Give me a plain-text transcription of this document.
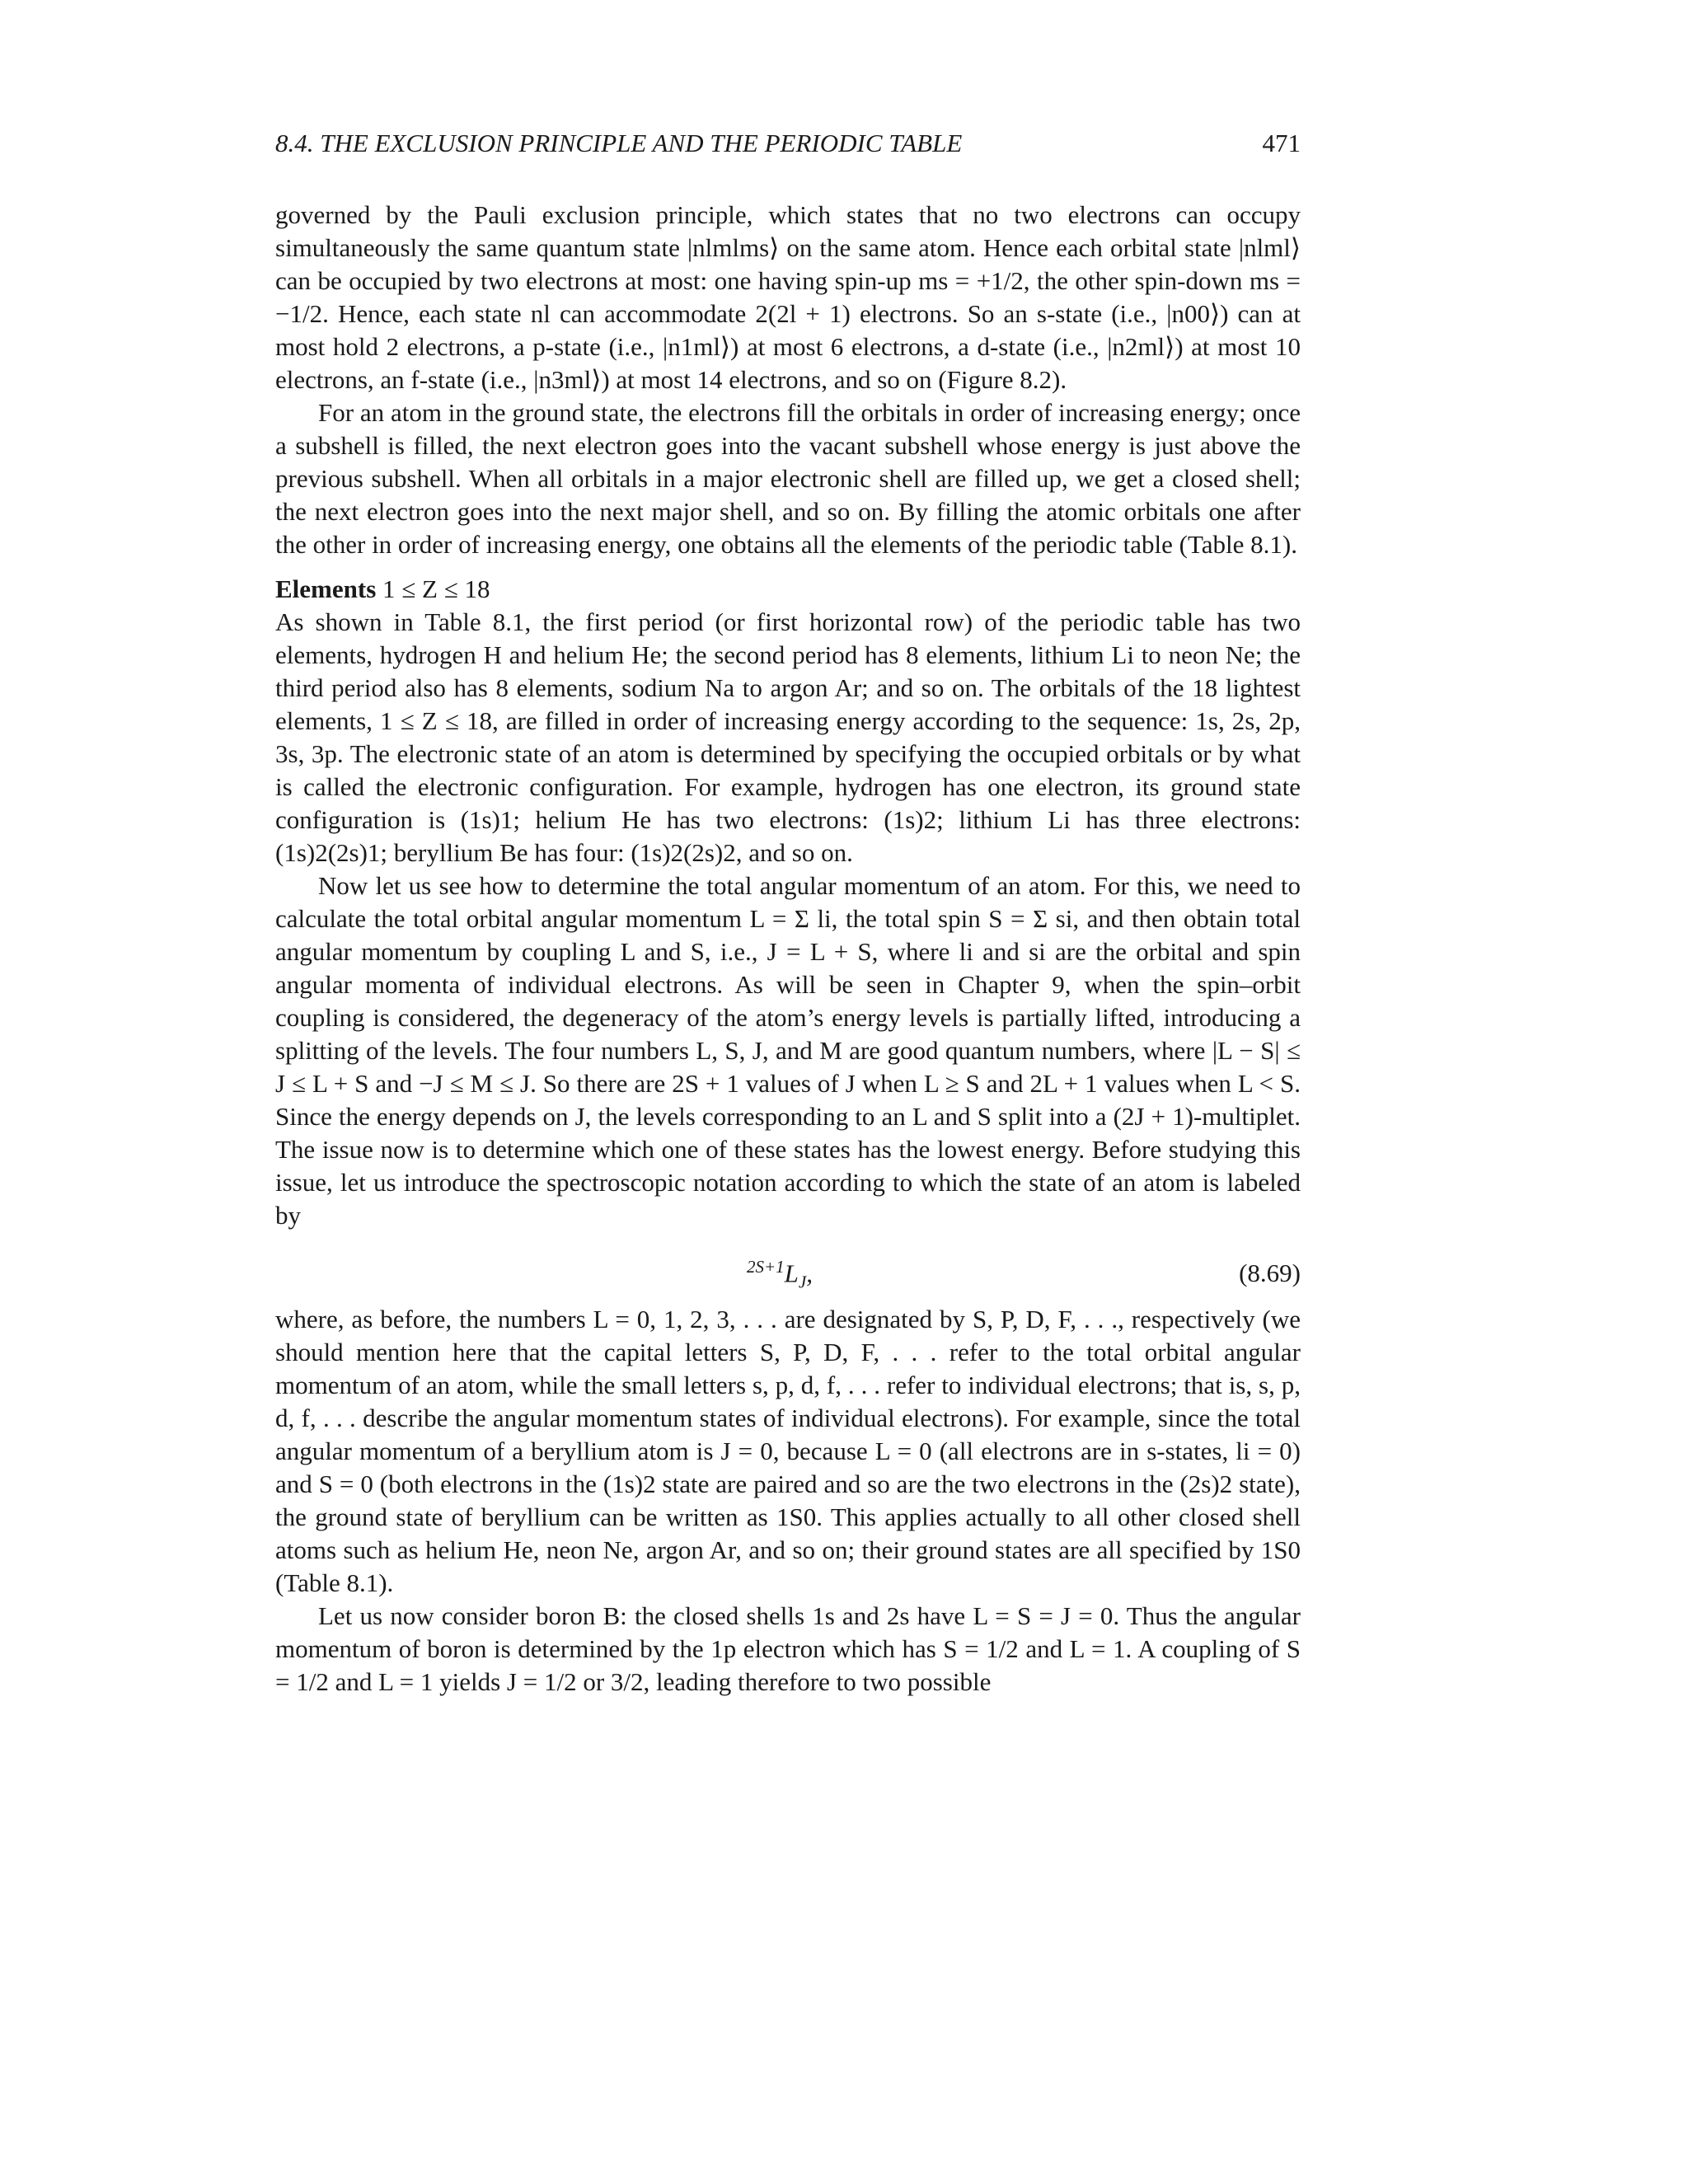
8.4. THE EXCLUSION PRINCIPLE AND THE PERIODIC TABLE	471

governed by the Pauli exclusion principle, which states that no two electrons can occupy simultaneously the same quantum state |nlmlms⟩ on the same atom. Hence each orbital state |nlml⟩ can be occupied by two electrons at most: one having spin-up ms = +1/2, the other spin-down ms = −1/2. Hence, each state nl can accommodate 2(2l + 1) electrons. So an s-state (i.e., |n00⟩) can at most hold 2 electrons, a p-state (i.e., |n1ml⟩) at most 6 electrons, a d-state (i.e., |n2ml⟩) at most 10 electrons, an f-state (i.e., |n3ml⟩) at most 14 electrons, and so on (Figure 8.2).

For an atom in the ground state, the electrons fill the orbitals in order of increasing energy; once a subshell is filled, the next electron goes into the vacant subshell whose energy is just above the previous subshell. When all orbitals in a major electronic shell are filled up, we get a closed shell; the next electron goes into the next major shell, and so on. By filling the atomic orbitals one after the other in order of increasing energy, one obtains all the elements of the periodic table (Table 8.1).

Elements 1 ≤ Z ≤ 18

As shown in Table 8.1, the first period (or first horizontal row) of the periodic table has two elements, hydrogen H and helium He; the second period has 8 elements, lithium Li to neon Ne; the third period also has 8 elements, sodium Na to argon Ar; and so on. The orbitals of the 18 lightest elements, 1 ≤ Z ≤ 18, are filled in order of increasing energy according to the sequence: 1s, 2s, 2p, 3s, 3p. The electronic state of an atom is determined by specifying the occupied orbitals or by what is called the electronic configuration. For example, hydrogen has one electron, its ground state configuration is (1s)1; helium He has two electrons: (1s)2; lithium Li has three electrons: (1s)2(2s)1; beryllium Be has four: (1s)2(2s)2, and so on.

Now let us see how to determine the total angular momentum of an atom. For this, we need to calculate the total orbital angular momentum L = Σ li, the total spin S = Σ si, and then obtain total angular momentum by coupling L and S, i.e., J = L + S, where li and si are the orbital and spin angular momenta of individual electrons. As will be seen in Chapter 9, when the spin–orbit coupling is considered, the degeneracy of the atom’s energy levels is partially lifted, introducing a splitting of the levels. The four numbers L, S, J, and M are good quantum numbers, where |L − S| ≤ J ≤ L + S and −J ≤ M ≤ J. So there are 2S + 1 values of J when L ≥ S and 2L + 1 values when L < S. Since the energy depends on J, the levels corresponding to an L and S split into a (2J + 1)-multiplet. The issue now is to determine which one of these states has the lowest energy. Before studying this issue, let us introduce the spectroscopic notation according to which the state of an atom is labeled by

$^{2S+1}L_J$,	(8.69)

where, as before, the numbers L = 0, 1, 2, 3, . . . are designated by S, P, D, F, . . ., respectively (we should mention here that the capital letters S, P, D, F, . . . refer to the total orbital angular momentum of an atom, while the small letters s, p, d, f, . . . refer to individual electrons; that is, s, p, d, f, . . . describe the angular momentum states of individual electrons). For example, since the total angular momentum of a beryllium atom is J = 0, because L = 0 (all electrons are in s-states, li = 0) and S = 0 (both electrons in the (1s)2 state are paired and so are the two electrons in the (2s)2 state), the ground state of beryllium can be written as 1S0. This applies actually to all other closed shell atoms such as helium He, neon Ne, argon Ar, and so on; their ground states are all specified by 1S0 (Table 8.1).

Let us now consider boron B: the closed shells 1s and 2s have L = S = J = 0. Thus the angular momentum of boron is determined by the 1p electron which has S = 1/2 and L = 1. A coupling of S = 1/2 and L = 1 yields J = 1/2 or 3/2, leading therefore to two possible
